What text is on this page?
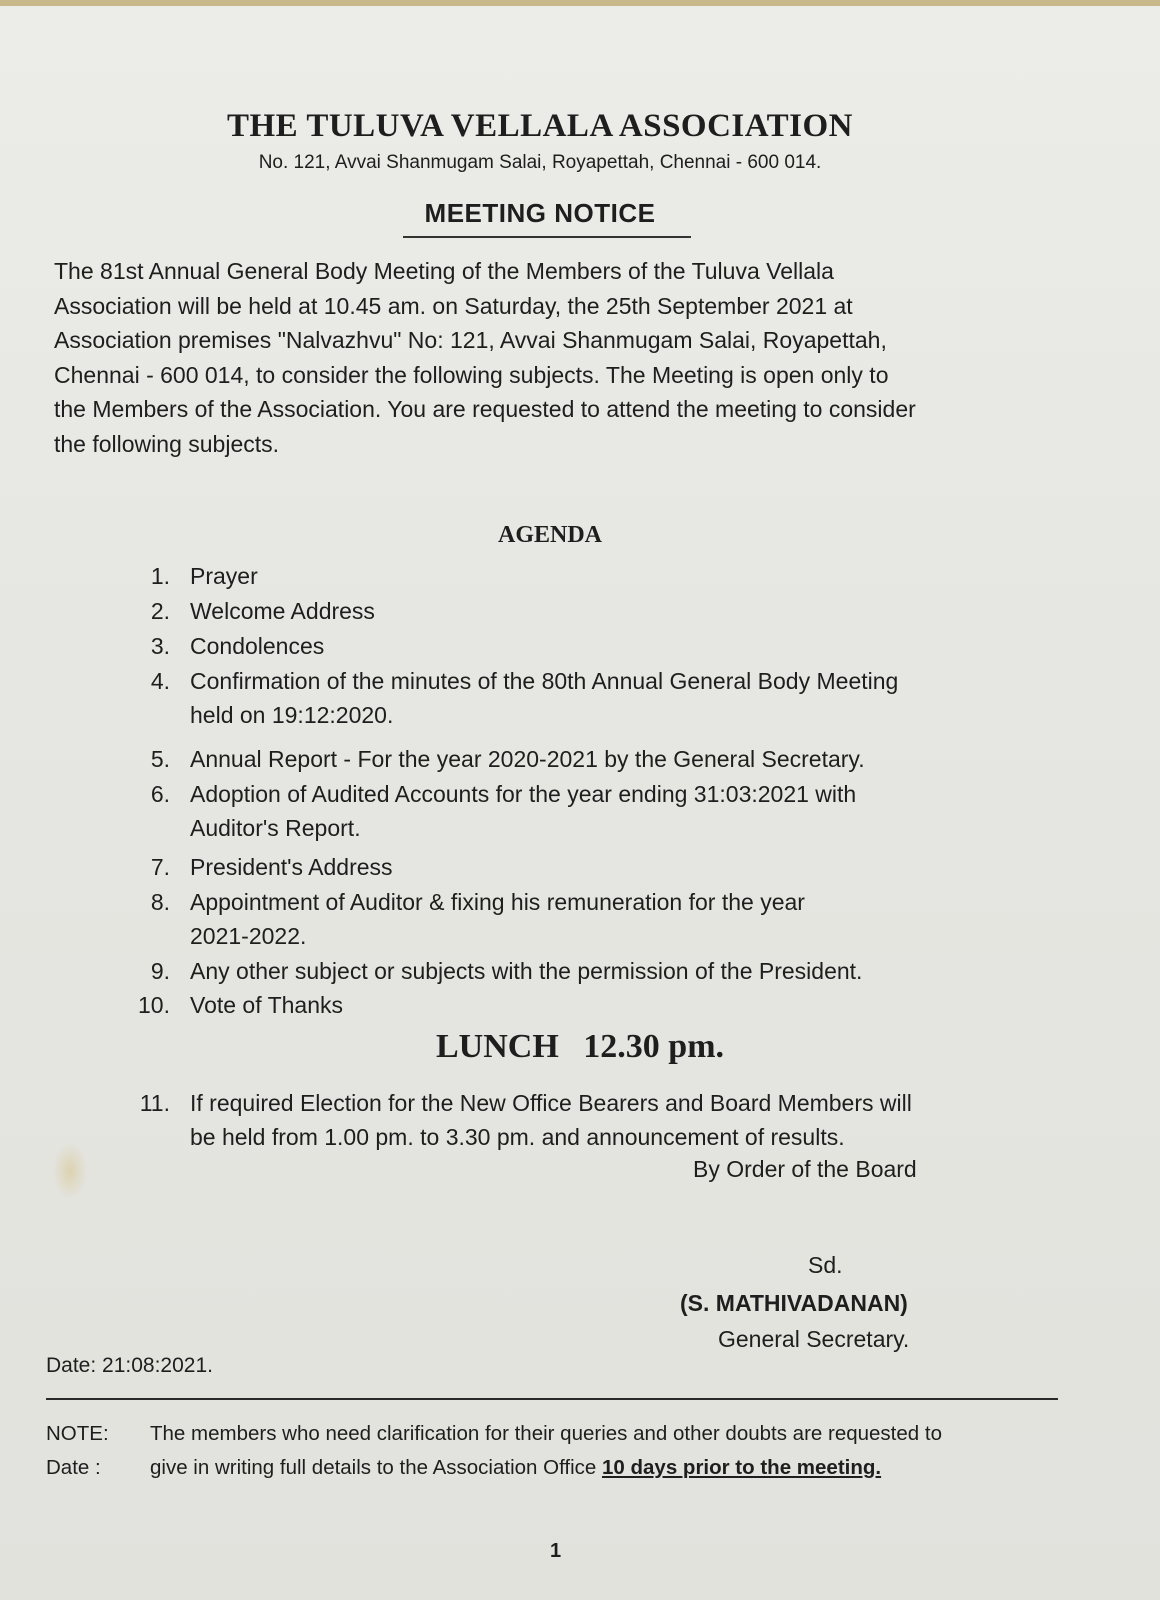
THE TULUVA VELLALA ASSOCIATION
No. 121, Avvai Shanmugam Salai, Royapettah, Chennai - 600 014.
MEETING NOTICE
The 81st Annual General Body Meeting of the Members of the Tuluva Vellala
Association will be held at 10.45 am. on Saturday, the 25th September 2021 at
Association premises "Nalvazhvu" No: 121, Avvai Shanmugam Salai, Royapettah,
Chennai - 600 014, to consider the following subjects. The Meeting is open only to
the Members of the Association. You are requested to attend the meeting to consider
the following subjects.
AGENDA
1. Prayer
2. Welcome Address
3. Condolences
4. Confirmation of the minutes of the 80th Annual General Body Meeting
held on 19:12:2020.
5. Annual Report - For the year 2020-2021 by the General Secretary.
6. Adoption of Audited Accounts for the year ending 31:03:2021 with
Auditor's Report.
7. President's Address
8. Appointment of Auditor & fixing his remuneration for the year
2021-2022.
9. Any other subject or subjects with the permission of the President.
10. Vote of Thanks
11. If required Election for the New Office Bearers and Board Members will
be held from 1.00 pm. to 3.30 pm. and announcement of results.
LUNCH 12.30 pm.
By Order of the Board
Sd.
(S. MATHIVADANAN)
General Secretary.
Date: 21:08:2021.
NOTE:	The members who need clarification for their queries and other doubts are requested to
Date :	give in writing full details to the Association Office 10 days prior to the meeting.
1
